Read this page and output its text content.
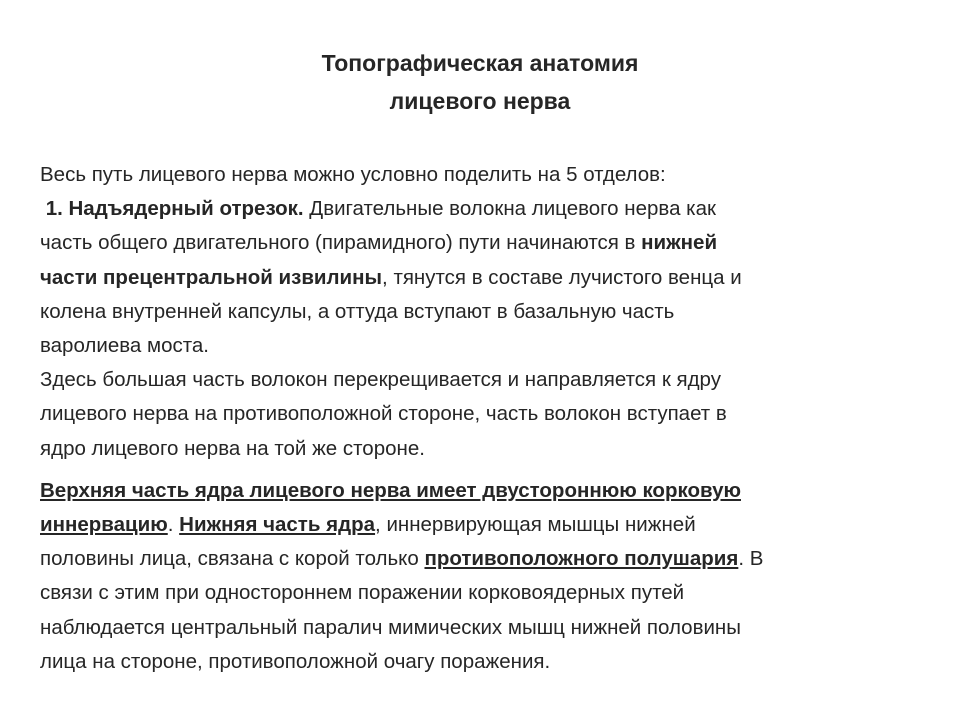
Топографическая анатомия
лицевого нерва

Весь путь лицевого нерва можно условно поделить на 5 отделов:

1. Надъядерный отрезок. Двигательные волокна лицевого нерва как
часть общего двигательного (пирамидного) пути начинаются в нижней
части прецентральной извилины, тянутся в составе лучистого венца и
колена внутренней капсулы, а оттуда вступают в базальную часть
варолиева моста.

Здесь большая часть волокон перекрещивается и направляется к ядру
лицевого нерва на противоположной стороне, часть волокон вступает в
ядро лицевого нерва на той же стороне.

Верхняя часть ядра лицевого нерва имеет двустороннюю корковую
иннервацию. Нижняя часть ядра, иннервирующая мышцы нижней
половины лица, связана с корой только противоположного полушария. В
связи с этим при одностороннем поражении корковоядерных путей
наблюдается центральный паралич мимических мышц нижней половины
лица на стороне, противоположной очагу поражения.
